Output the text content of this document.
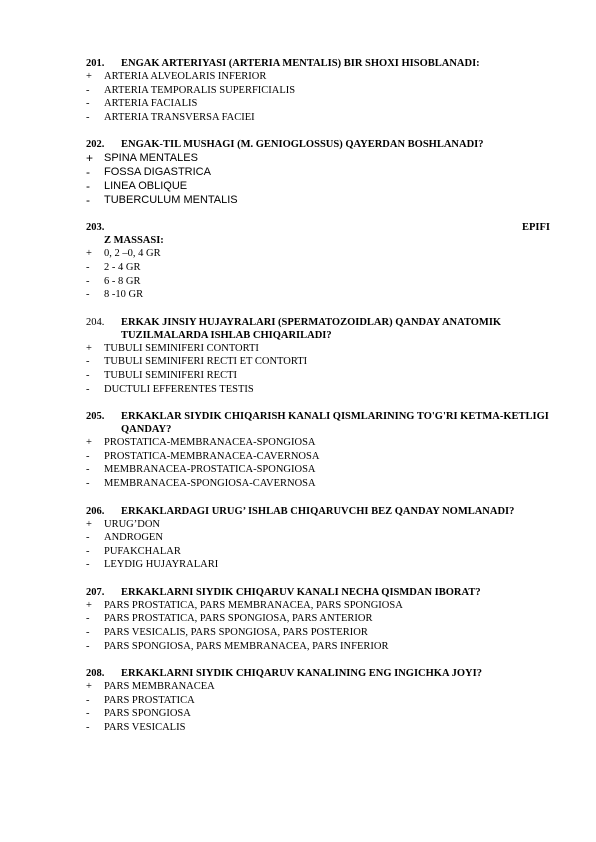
201.	ENGAK ARTERIYASI (ARTERIA MENTALIS) BIR SHOXI HISOBLANADI:
+	ARTERIA ALVEOLARIS INFERIOR
-	ARTERIA TEMPORALIS SUPERFICIALIS
-	ARTERIA FACIALIS
-	ARTERIA TRANSVERSA FACIEI
202.	ENGAK-TIL MUSHAGI (M. GENIOGLOSSUS) QAYERDAN BOSHLANADI?
+ SPINA MENTALES
-	FOSSA DIGASTRICA
-	LINEA OBLIQUE
-	TUBERCULUM MENTALIS
203.	EPIFI
Z MASSASI:
+	0, 2 –0, 4 GR
-	2 - 4 GR
-	6 - 8 GR
-	8 -10 GR
204.	ERKAK JINSIY HUJAYRALARI (SPERMATOZOIDLAR) QANDAY ANATOMIK TUZILMALARDA ISHLAB CHIQARILADI?
+	TUBULI SEMINIFERI CONTORTI
-	TUBULI SEMINIFERI RECTI ET CONTORTI
-	TUBULI SEMINIFERI RECTI
-	DUCTULI EFFERENTES TESTIS
205.	ERKAKLAR SIYDIK CHIQARISH KANALI QISMLARINING TO'G'RI KETMA-KETLIGI QANDAY?
+	PROSTATICA-MEMBRANACEA-SPONGIOSA
-	PROSTATICA-MEMBRANACEA-CAVERNOSA
-	MEMBRANACEA-PROSTATICA-SPONGIOSA
-	MEMBRANACEA-SPONGIOSA-CAVERNOSA
206.	ERKAKLARDAGI URUG’ ISHLAB CHIQARUVCHI BEZ QANDAY NOMLANADI?
+	URUG’DON
-	ANDROGEN
-	PUFAKCHALAR
-	LEYDIG HUJAYRALARI
207.	ERKAKLARNI SIYDIK CHIQARUV KANALI NECHA QISMDAN IBORAT?
+	PARS PROSTATICA, PARS MEMBRANACEA, PARS SPONGIOSA
-	PARS PROSTATICA, PARS SPONGIOSA, PARS ANTERIOR
-	PARS VESICALIS, PARS SPONGIOSA, PARS POSTERIOR
-	PARS SPONGIOSA, PARS MEMBRANACEA, PARS INFERIOR
208.	ERKAKLARNI SIYDIK CHIQARUV KANALINING ENG INGICHKA JOYI?
+	PARS MEMBRANACEA
-	PARS PROSTATICA
-	PARS SPONGIOSA
-	PARS VESICALIS
